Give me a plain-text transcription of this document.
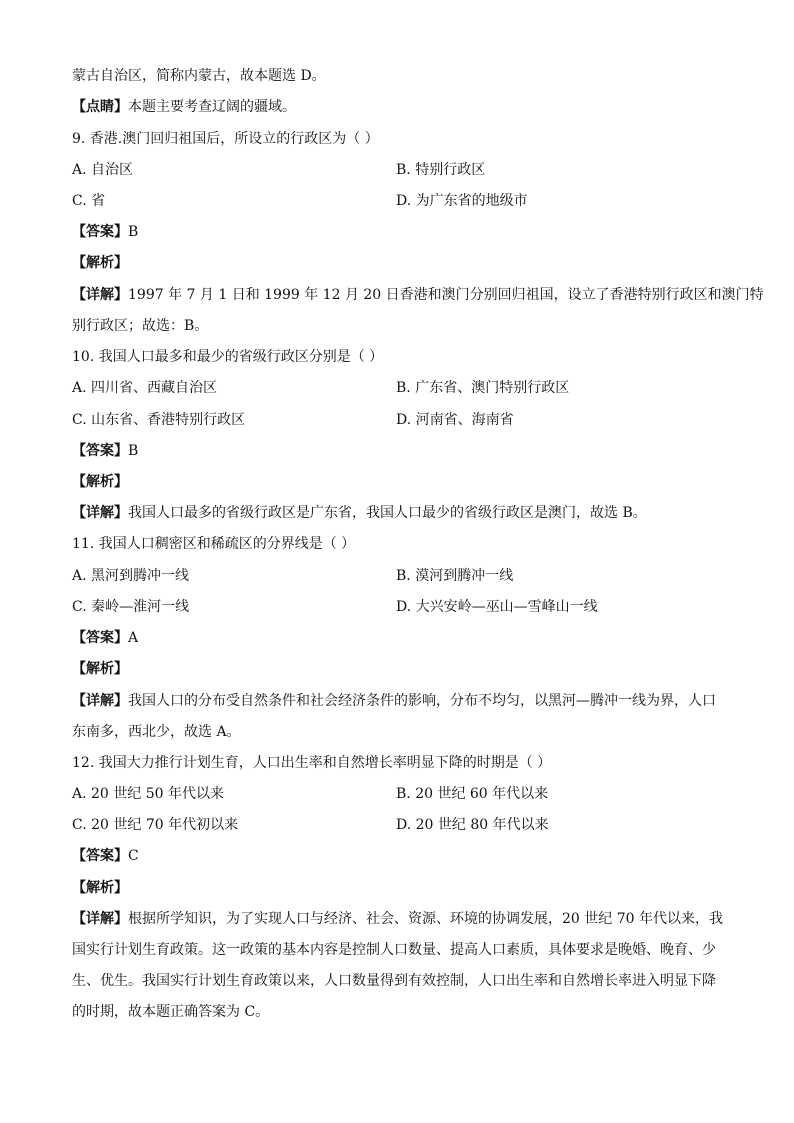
蒙古自治区，简称内蒙古，故本题选 D。
【点睛】本题主要考查辽阔的疆域。
9. 香港.澳门回归祖国后，所设立的行政区为（ ）
A. 自治区	B. 特别行政区
C. 省	D. 为广东省的地级市
【答案】B
【解析】
【详解】1997 年 7 月 1 日和 1999 年 12 月 20 日香港和澳门分别回归祖国，设立了香港特别行政区和澳门特
别行政区；故选：B。
10. 我国人口最多和最少的省级行政区分别是（ ）
A. 四川省、西藏自治区	B. 广东省、澳门特别行政区
C. 山东省、香港特别行政区	D. 河南省、海南省
【答案】B
【解析】
【详解】我国人口最多的省级行政区是广东省，我国人口最少的省级行政区是澳门，故选 B。
11. 我国人口稠密区和稀疏区的分界线是（ ）
A. 黑河到腾冲一线	B. 漠河到腾冲一线
C. 秦岭—淮河一线	D. 大兴安岭—巫山—雪峰山一线
【答案】A
【解析】
【详解】我国人口的分布受自然条件和社会经济条件的影响，分布不均匀，以黑河—腾冲一线为界，人口
东南多，西北少，故选 A。
12. 我国大力推行计划生育，人口出生率和自然增长率明显下降的时期是（ ）
A. 20 世纪 50 年代以来	B. 20 世纪 60 年代以来
C. 20 世纪 70 年代初以来	D. 20 世纪 80 年代以来
【答案】C
【解析】
【详解】根据所学知识，为了实现人口与经济、社会、资源、环境的协调发展，20 世纪 70 年代以来，我
国实行计划生育政策。这一政策的基本内容是控制人口数量、提高人口素质，具体要求是晚婚、晚育、少
生、优生。我国实行计划生育政策以来，人口数量得到有效控制，人口出生率和自然增长率进入明显下降
的时期，故本题正确答案为 C。
